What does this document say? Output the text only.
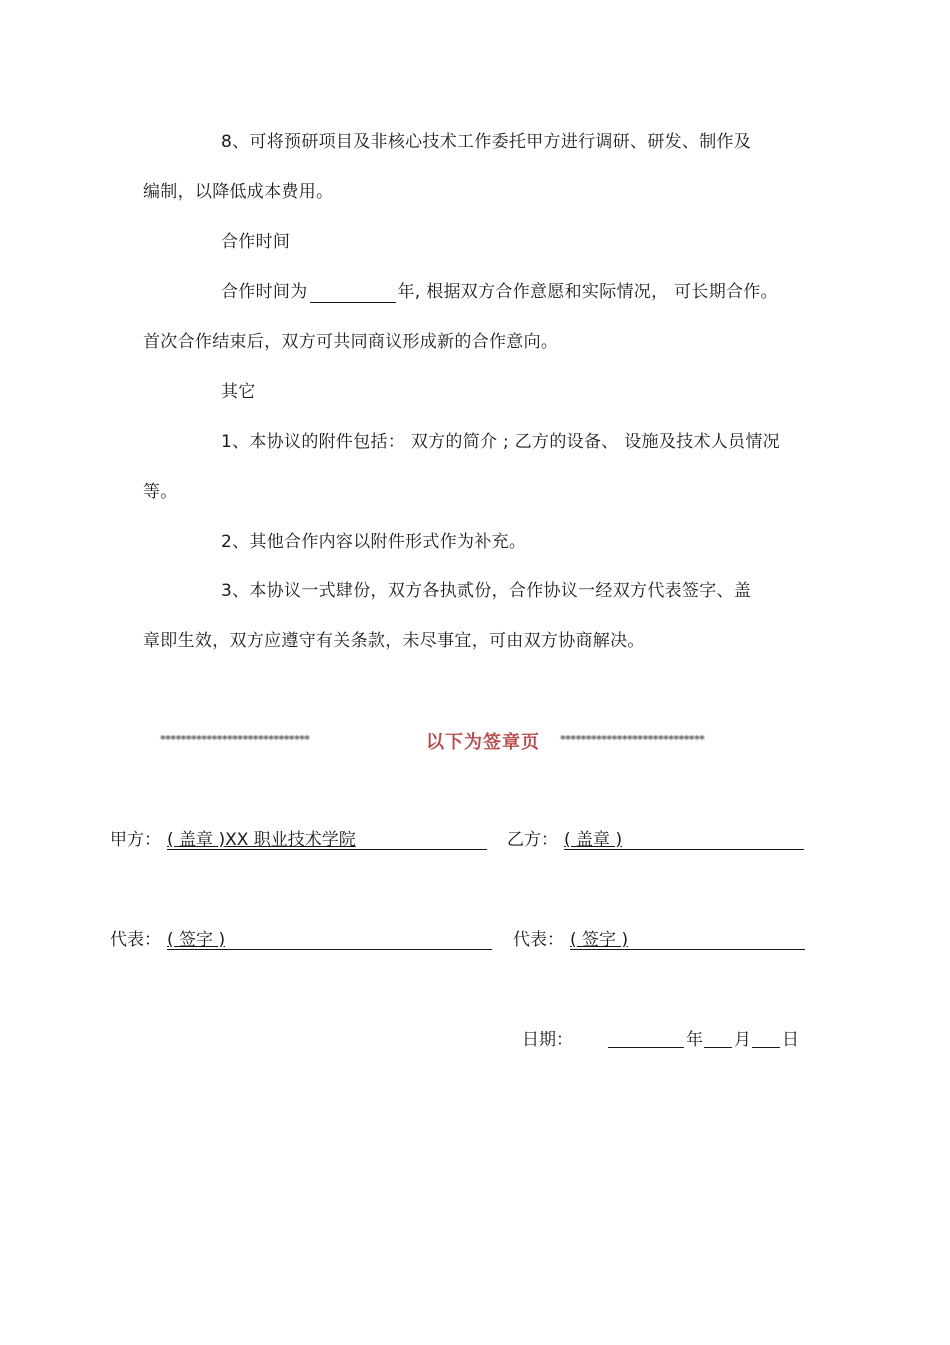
8、可将预研项目及非核心技术工作委托甲方进行调研、研发、制作及
编制，以降低成本费用。
合作时间
合作时间为	年, 根据双方合作意愿和实际情况， 可长期合作。
首次合作结束后，双方可共同商议形成新的合作意向。
其它
1、本协议的附件包括： 双方的简介 ; 乙方的设备、 设施及技术人员情况
等。
2、其他合作内容以附件形式作为补充。
3、本协议一式肆份，双方各执贰份，合作协议一经双方代表签字、盖
章即生效，双方应遵守有关条款，未尽事宜，可由双方协商解决。
*****************************	以下为签章页 ****************************
甲方： ( 盖章 )XX 职业技术学院	乙方： ( 盖章 )
代表： ( 签字 )	代表： ( 签字 )
日期：	年 月 日
